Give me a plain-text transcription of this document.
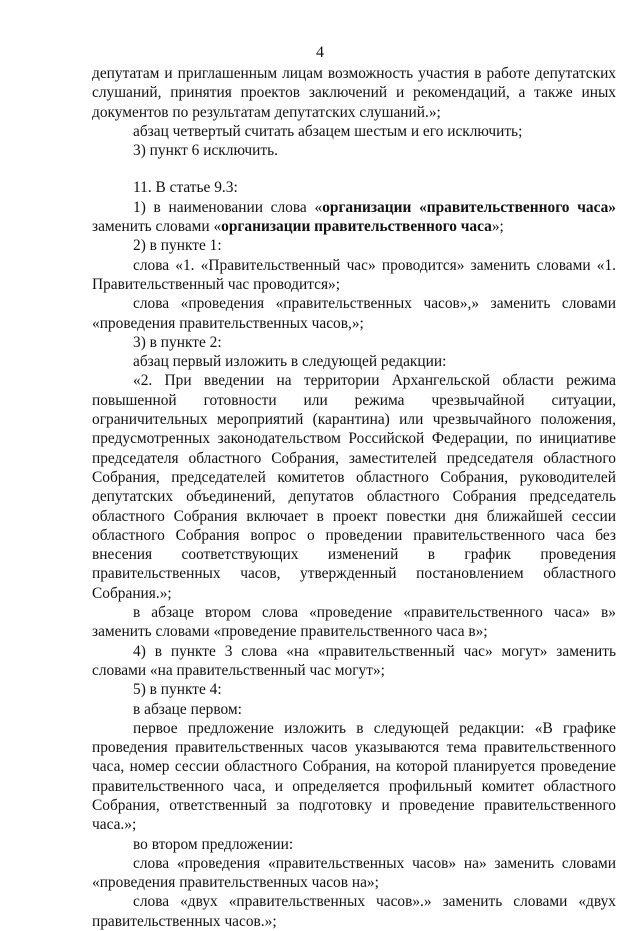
4

депутатам и приглашенным лицам возможность участия в работе депутатских слушаний, принятия проектов заключений и рекомендаций, а также иных документов по результатам депутатских слушаний.»;

абзац четвертый считать абзацем шестым и его исключить;

3) пункт 6 исключить.

11. В статье 9.3:

1) в наименовании слова «организации «правительственного часа» заменить словами «организации правительственного часа»;

2) в пункте 1:

слова «1. «Правительственный час» проводится» заменить словами «1. Правительственный час проводится»;

слова «проведения «правительственных часов»,» заменить словами «проведения правительственных часов,»;

3) в пункте 2:

абзац первый изложить в следующей редакции:

«2. При введении на территории Архангельской области режима повышенной готовности или режима чрезвычайной ситуации, ограничительных мероприятий (карантина) или чрезвычайного положения, предусмотренных законодательством Российской Федерации, по инициативе председателя областного Собрания, заместителей председателя областного Собрания, председателей комитетов областного Собрания, руководителей депутатских объединений, депутатов областного Собрания председатель областного Собрания включает в проект повестки дня ближайшей сессии областного Собрания вопрос о проведении правительственного часа без внесения соответствующих изменений в график проведения правительственных часов, утвержденный постановлением областного Собрания.»;

в абзаце втором слова «проведение «правительственного часа» в» заменить словами «проведение правительственного часа в»;

4) в пункте 3 слова «на «правительственный час» могут» заменить словами «на правительственный час могут»;

5) в пункте 4:

в абзаце первом:

первое предложение изложить в следующей редакции: «В графике проведения правительственных часов указываются тема правительственного часа, номер сессии областного Собрания, на которой планируется проведение правительственного часа, и определяется профильный комитет областного Собрания, ответственный за подготовку и проведение правительственного часа.»;

во втором предложении:

слова «проведения «правительственных часов» на» заменить словами «проведения правительственных часов на»;

слова «двух «правительственных часов».» заменить словами «двух правительственных часов.»;
